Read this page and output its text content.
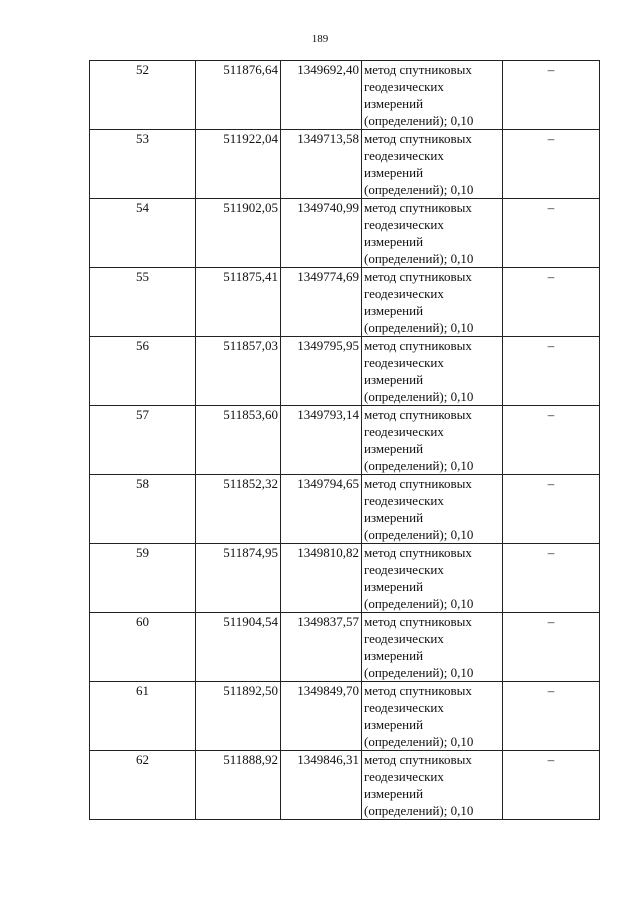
189
52	511876,64	1349692,40	метод спутниковых
геодезических
измерений
(определений); 0,10	–
53	511922,04	1349713,58	метод спутниковых
геодезических
измерений
(определений); 0,10	–
54	511902,05	1349740,99	метод спутниковых
геодезических
измерений
(определений); 0,10	–
55	511875,41	1349774,69	метод спутниковых
геодезических
измерений
(определений); 0,10	–
56	511857,03	1349795,95	метод спутниковых
геодезических
измерений
(определений); 0,10	–
57	511853,60	1349793,14	метод спутниковых
геодезических
измерений
(определений); 0,10	–
58	511852,32	1349794,65	метод спутниковых
геодезических
измерений
(определений); 0,10	–
59	511874,95	1349810,82	метод спутниковых
геодезических
измерений
(определений); 0,10	–
60	511904,54	1349837,57	метод спутниковых
геодезических
измерений
(определений); 0,10	–
61	511892,50	1349849,70	метод спутниковых
геодезических
измерений
(определений); 0,10	–
62	511888,92	1349846,31	метод спутниковых
геодезических
измерений
(определений); 0,10	–
